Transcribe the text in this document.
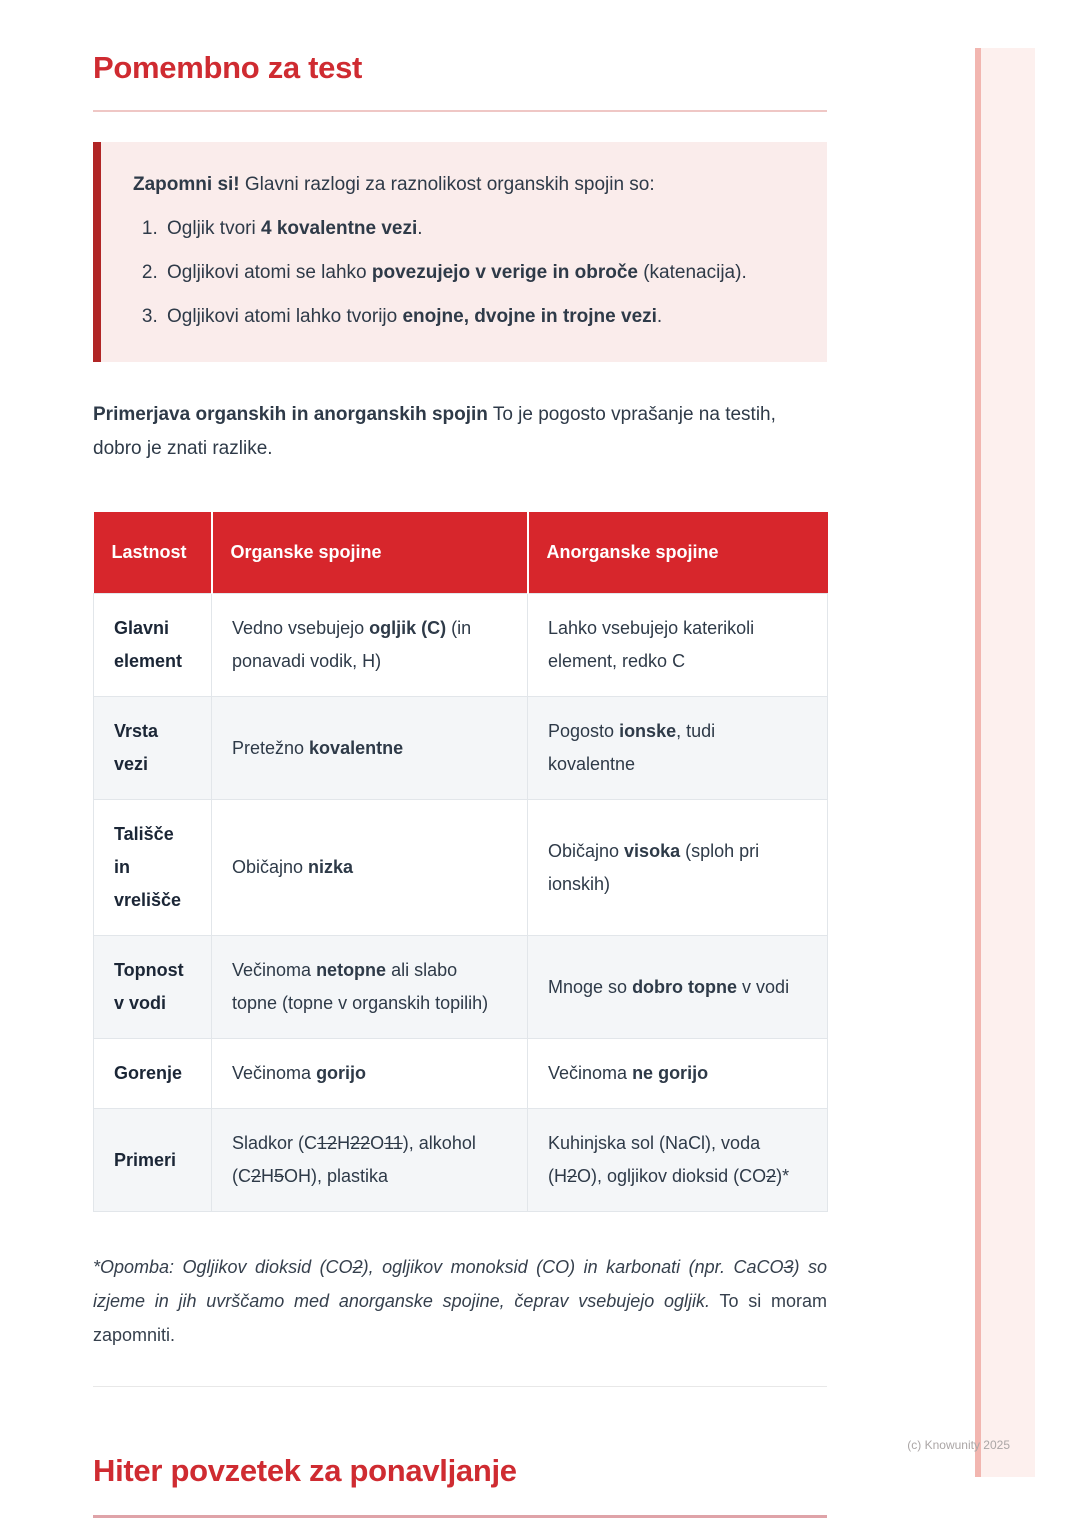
(c) Knowunity 2025
Pomembno za test

Zapomni si! Glavni razlogi za raznolikost organskih spojin so:

1. Ogljik tvori 4 kovalentne vezi.
2. Ogljikovi atomi se lahko povezujejo v verige in obroče (katenacija).
3. Ogljikovi atomi lahko tvorijo enojne, dvojne in trojne vezi.

Primerjava organskih in anorganskih spojin To je pogosto vprašanje na testih, dobro je znati razlike.

Lastnost	Organske spojine	Anorganske spojine
Glavni element	Vedno vsebujejo ogljik (C) (in ponavadi vodik, H)	Lahko vsebujejo katerikoli element, redko C
Vrsta vezi	Pretežno kovalentne	Pogosto ionske, tudi kovalentne
Tališče in vrelišče	Običajno nizka	Običajno visoka (sploh pri ionskih)
Topnost v vodi	Večinoma netopne ali slabo topne (topne v organskih topilih)	Mnoge so dobro topne v vodi
Gorenje	Večinoma gorijo	Večinoma ne gorijo
Primeri	Sladkor (C12H22O11), alkohol (C2H5OH), plastika	Kuhinjska sol (NaCl), voda (H2O), ogljikov dioksid (CO2)*

*Opomba: Ogljikov dioksid (CO2), ogljikov monoksid (CO) in karbonati (npr. CaCO3) so izjeme in jih uvrščamo med anorganske spojine, čeprav vsebujejo ogljik. To si moram zapomniti.

Hiter povzetek za ponavljanje
